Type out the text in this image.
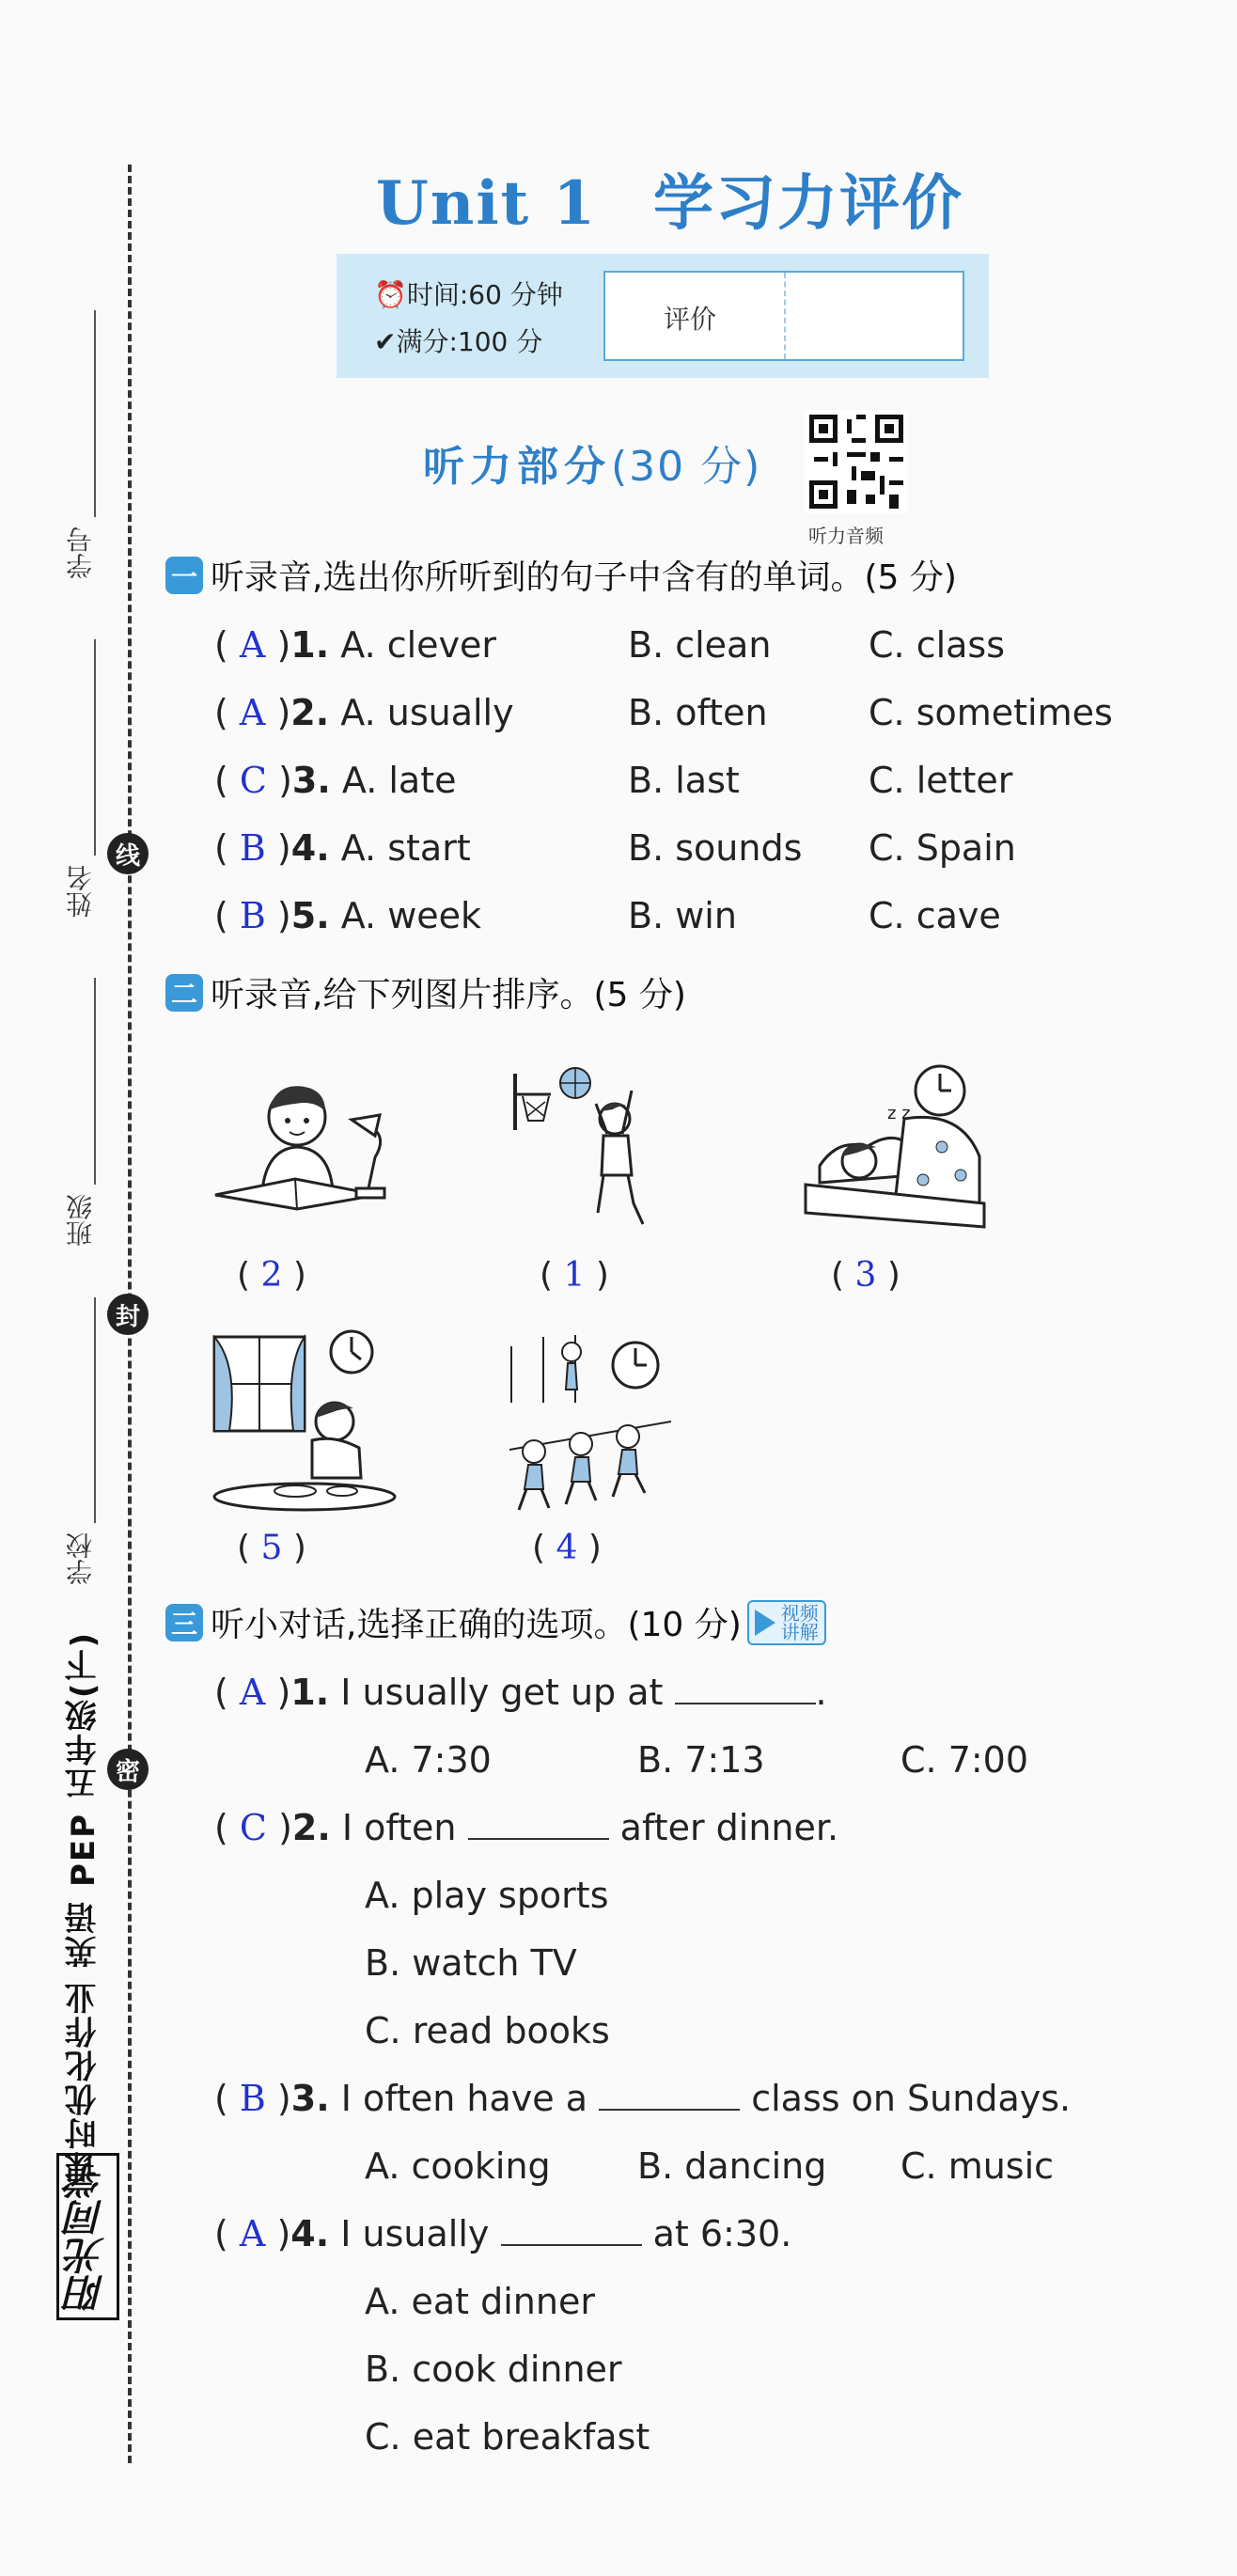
学号
姓名
线
班级
封
学校
密
课时优化作业 英语 PEP 五年级(下)
阳光同学
Unit 1 学习力评价
⏰时间:60 分钟
✔满分:100 分
评价
听力部分(30 分)
听力音频
一 听录音,选出你所听到的句子中含有的单词。(5 分)
( A )1. A. clever	B. clean	C. class
( A )2. A. usually	B. often	C. sometimes
( C )3. A. late	B. last	C. letter
( B )4. A. start	B. sounds C. Spain
( B )5. A. week	B. win	C. cave
二 听录音,给下列图片排序。(5 分)
( 2 )	( 1 )
z z
( 3 )
( 5 )	( 4 )
三 听小对话,选择正确的选项。(10 分) 视频
讲解
( A )1. I usually get up at	.
A. 7:30	B. 7:13	C. 7:00
( C )2. I often	after dinner.
A. play sports
B. watch TV
C. read books
( B )3. I often have a	class on Sundays.
A. cooking B. dancing C. music
( A )4. I usually	at 6:30.
A. eat dinner
B. cook dinner
C. eat breakfast
